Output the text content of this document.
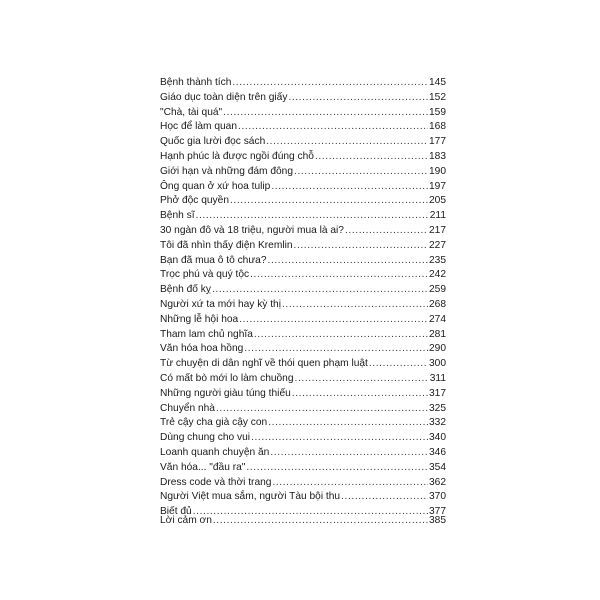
Bệnh thành tích .....	145
Giáo dục toàn diện trên giấy .....	152
"Chà, tài quá" .....	159
Học để làm quan .....	168
Quốc gia lười đọc sách .....	177
Hạnh phúc là được ngồi đúng chỗ .....	183
Giới hạn và những đám đông .....	190
Ông quan ở xứ hoa tulip .....	197
Phở độc quyền .....	205
Bệnh sĩ .....	211
30 ngàn đô và 18 triệu, người mua là ai? .....	217
Tôi đã nhìn thấy điện Kremlin .....	227
Bạn đã mua ô tô chưa? .....	235
Trọc phú và quý tộc .....	242
Bệnh đố kỵ .....	259
Người xứ ta mới hay kỳ thị .....	268
Những lễ hội hoa .....	274
Tham lam chủ nghĩa .....	281
Văn hóa hoa hồng .....	290
Từ chuyện di dân nghĩ về thói quen phạm luật .....	300
Có mất bò mới lo làm chuồng .....	311
Những người giàu túng thiếu .....	317
Chuyển nhà .....	325
Trẻ cậy cha già cậy con .....	332
Dùng chung cho vui .....	340
Loanh quanh chuyện ăn .....	346
Văn hóa... "đầu ra" .....	354
Dress code và thời trang .....	362
Người Việt mua sắm, người Tàu bội thu .....	370
Biết đủ .....	377
Lời cảm ơn .....	385
